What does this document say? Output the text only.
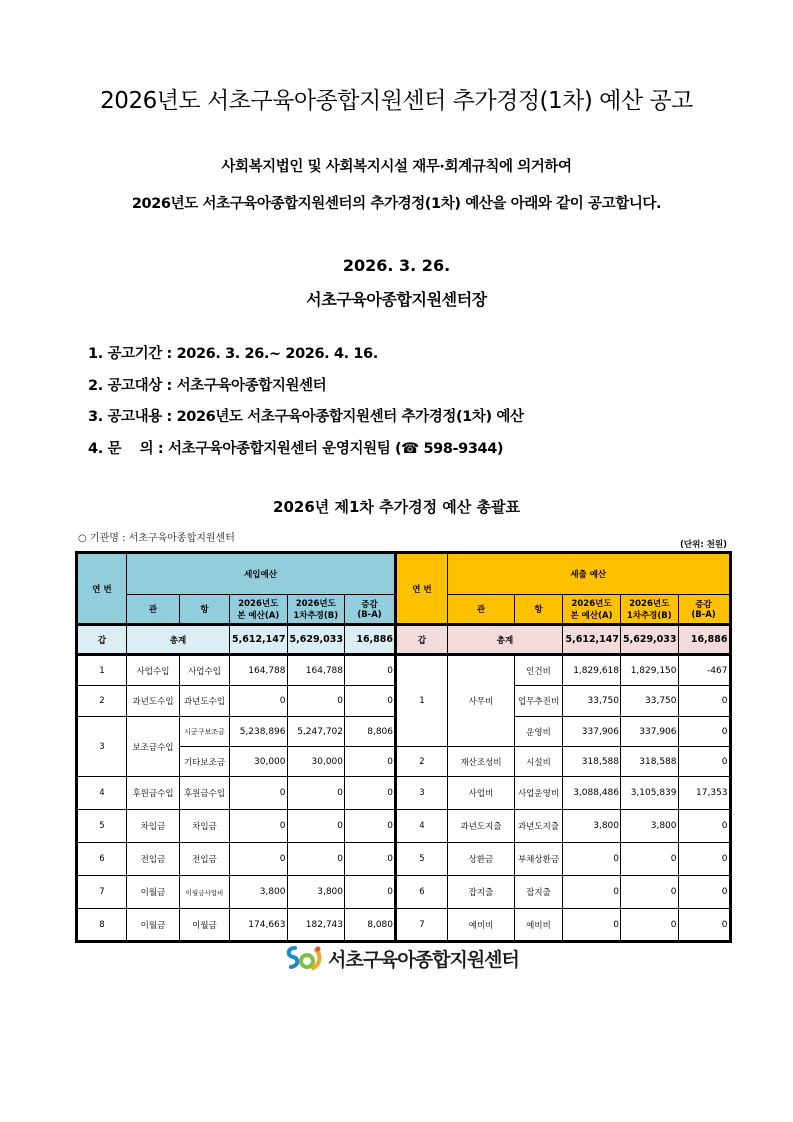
2026년도 서초구육아종합지원센터 추가경정(1차) 예산 공고
사회복지법인 및 사회복지시설 재무·회계규칙에 의거하여
2026년도 서초구육아종합지원센터의 추가경정(1차) 예산을 아래와 같이 공고합니다.
2026. 3. 26.
서초구육아종합지원센터장
1. 공고기간 : 2026. 3. 26.~ 2026. 4. 16.
2. 공고대상 : 서초구육아종합지원센터
3. 공고내용 : 2026년도 서초구육아종합지원센터 추가경정(1차) 예산
4. 문    의 : 서초구육아종합지원센터 운영지원팀 (☎ 598-9344)
2026년 제1차 추가경정 예산 총괄표
○ 기관명 : 서초구육아종합지원센터
(단위: 천원)
연 번	세입예산					연 번	세출 예산				
	관	항	2026년도
본 예산(A)	2026년도
1차추경(B)	증감
(B-A)		관	항	2026년도
본 예산(A)	2026년도
1차추경(B)	증감
(B-A)
갑	총계		5,612,147	5,629,033	16,886	갑	총계		5,612,147	5,629,033	16,886
1	사업수입	사업수입	164,788	164,788	0	1	사무비	인건비	1,829,618	1,829,150	-467
2	과년도수입	과년도수입	0	0	0			업무추진비	33,750	33,750	0
3	보조금수입	시군구보조금	5,238,896	5,247,702	8,806			운영비	337,906	337,906	0
		기타보조금	30,000	30,000	0	2	재산조성비	시설비	318,588	318,588	0
4	후원금수입	후원금수입	0	0	0	3	사업비	사업운영비	3,088,486	3,105,839	17,353
5	차입금	차입금	0	0	0	4	과년도지출	과년도지출	3,800	3,800	0
6	전입금	전입금	0	0	0	5	상환금	부채상환금	0	0	0
7	이월금	이월금사업비	3,800	3,800	0	6	잡지출	잡지출	0	0	0
8	이월금	이월금	174,663	182,743	8,080	7	예비비	예비비	0	0	0
서초구육아종합지원센터
